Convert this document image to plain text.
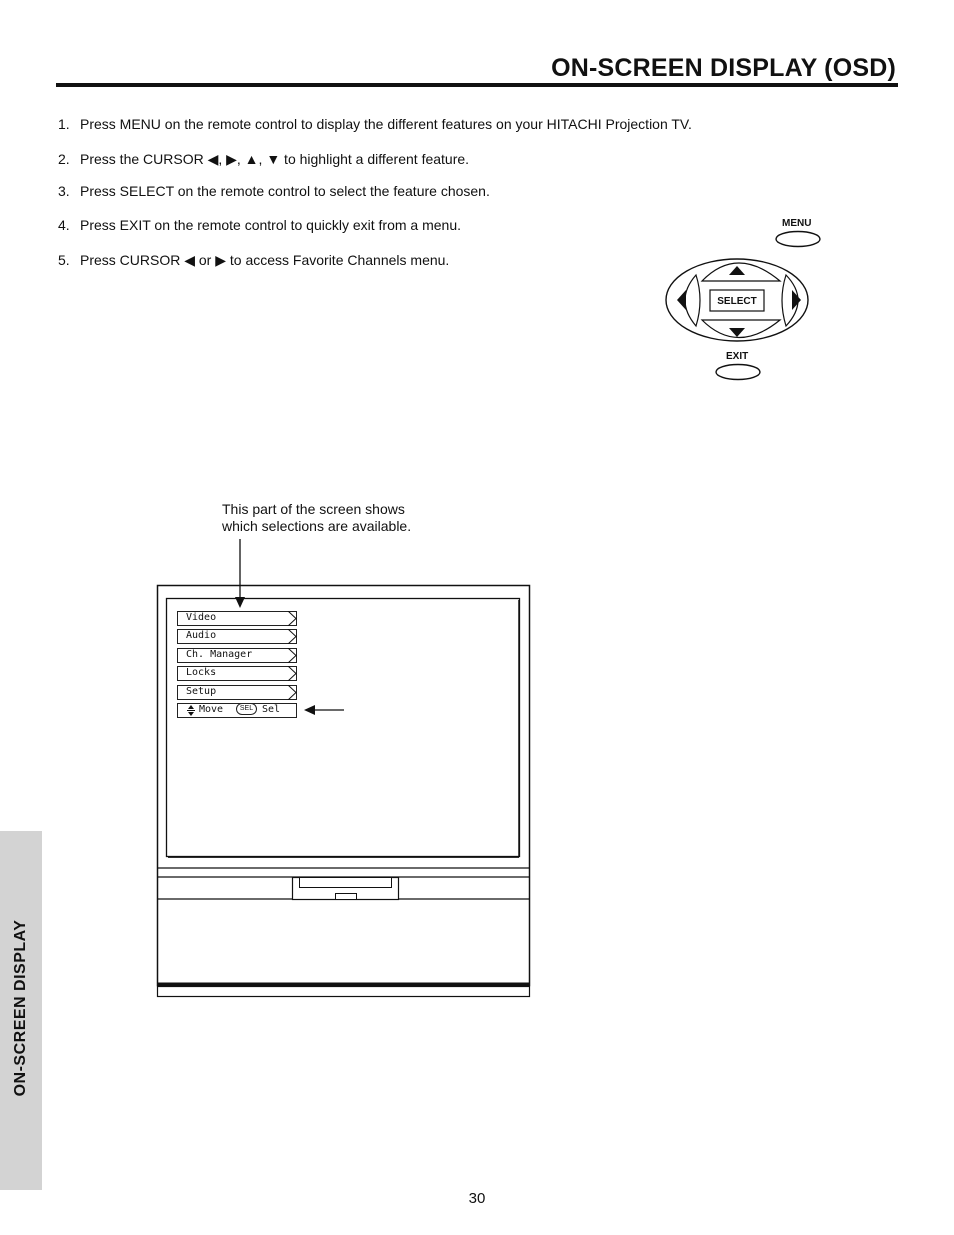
ON-SCREEN DISPLAY (OSD)
1. Press MENU on the remote control to display the different features on your HITACHI Projection TV.
2. Press the CURSOR ◀, ▶, ▲, ▼ to highlight a different feature.
3. Press SELECT on the remote control to select the feature chosen.
4. Press EXIT on the remote control to quickly exit from a menu.
5. Press CURSOR ◀ or ▶ to access Favorite Channels menu.
MENU
EXIT
SELECT
This part of the screen shows
which selections are available.
Video
Audio
Ch. Manager
Locks
Setup
Move	SEL Sel
ON-SCREEN DISPLAY
30
